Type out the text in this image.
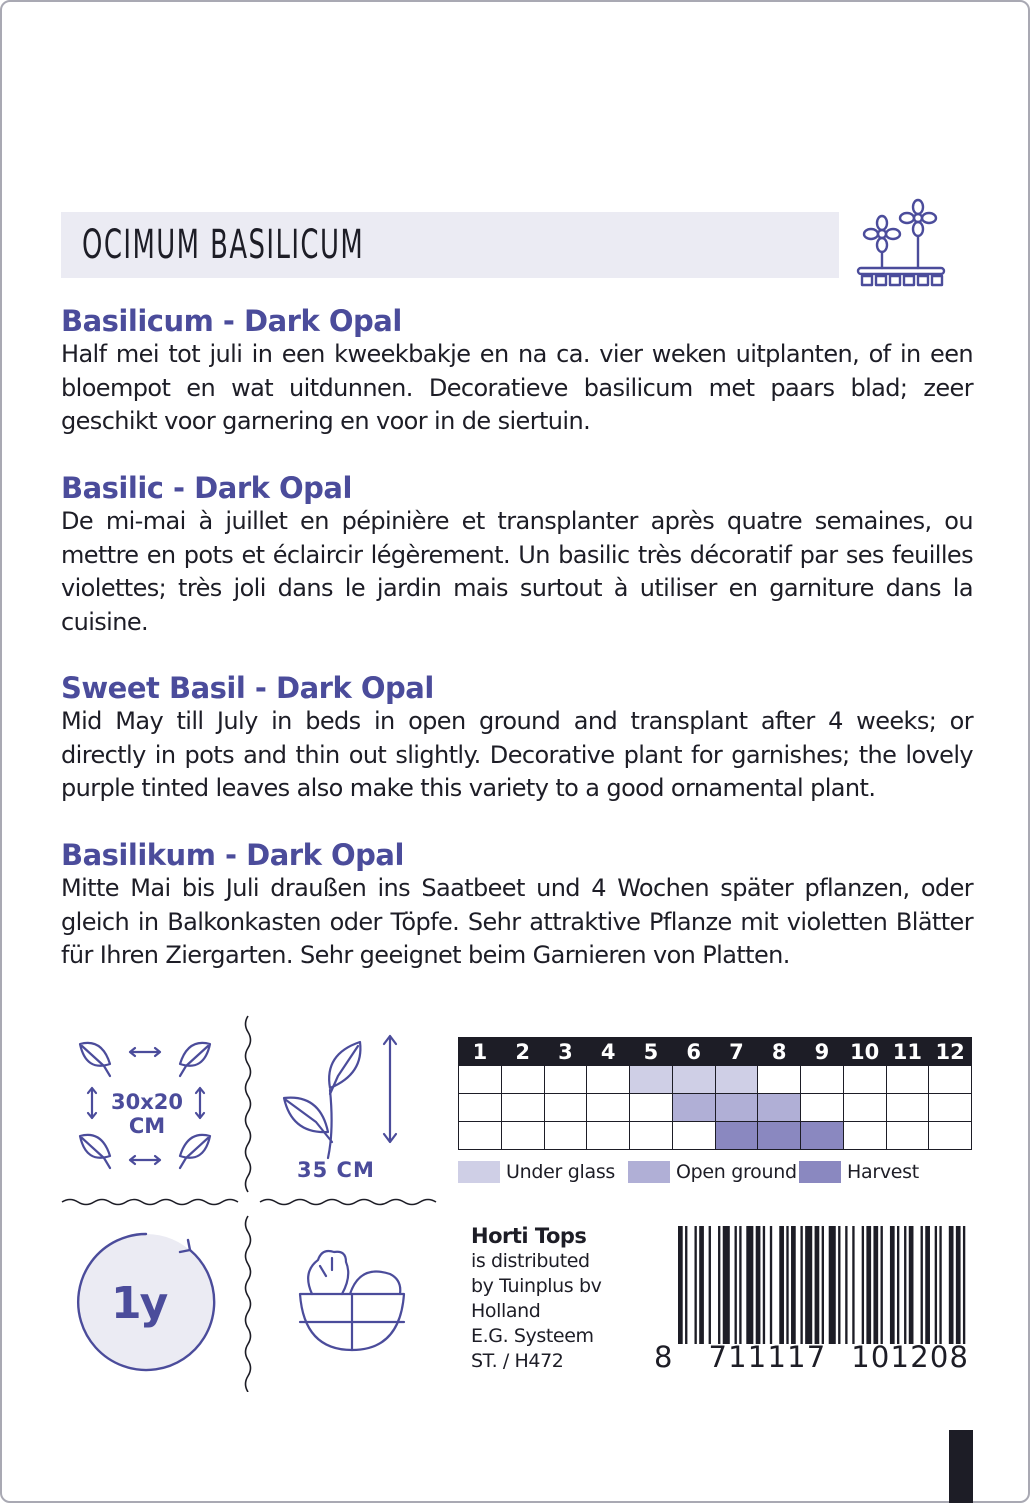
OCIMUM BASILICUM
Basilicum - Dark Opal

Half mei tot juli in een kweekbakje en na ca. vier weken uitplanten, of in een bloempot en wat uitdunnen. Decoratieve basilicum met paars blad; zeer geschikt voor garnering en voor in de siertuin.

Basilic - Dark Opal

De mi-mai à juillet en pépinière et transplanter après quatre semaines, ou mettre en pots et éclaircir légèrement. Un basilic très décoratif par ses feuilles violettes; très joli dans le jardin mais surtout à utiliser en garniture dans la cuisine.

Sweet Basil - Dark Opal

Mid May till July in beds in open ground and transplant after 4 weeks; or directly in pots and thin out slightly. Decorative plant for garnishes; the lovely purple tinted leaves also make this variety to a good ornamental plant.

Basilikum - Dark Opal

Mitte Mai bis Juli draußen ins Saatbeet und 4 Wochen später pflanzen, oder gleich in Balkonkasten oder Töpfe. Sehr attraktive Pflanze mit violetten Blätter für Ihren Ziergarten. Sehr geeignet beim Garnieren von Platten.

30x20
CM
35 CM
1y
1	2	3	4	5	6	7	8	9	10	11	12

Under glass	Open ground	Harvest
Horti Tops
is distributed
by Tuinplus bv
Holland
E.G. Systeem
ST. / H472	8 711117 101208
